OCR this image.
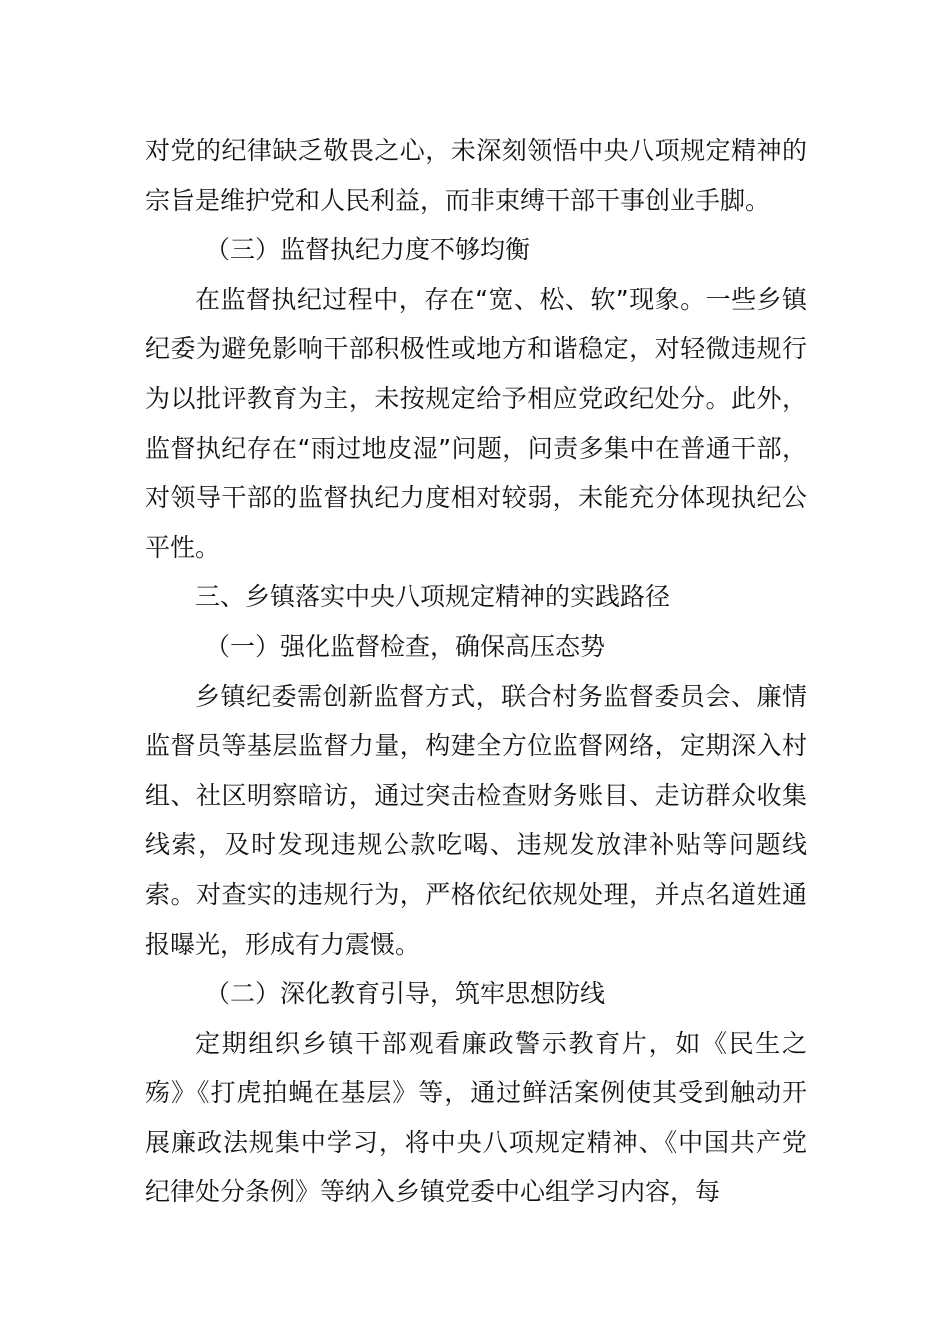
对党的纪律缺乏敬畏之心，未深刻领悟中央八项规定精神的宗旨是维护党和人民利益，而非束缚干部干事创业手脚。

（三）监督执纪力度不够均衡

在监督执纪过程中，存在“宽、松、软”现象。一些乡镇纪委为避免影响干部积极性或地方和谐稳定，对轻微违规行为以批评教育为主，未按规定给予相应党政纪处分。此外，监督执纪存在“雨过地皮湿”问题，问责多集中在普通干部，对领导干部的监督执纪力度相对较弱，未能充分体现执纪公平性。

三、乡镇落实中央八项规定精神的实践路径

（一）强化监督检查，确保高压态势

乡镇纪委需创新监督方式，联合村务监督委员会、廉情监督员等基层监督力量，构建全方位监督网络，定期深入村组、社区明察暗访，通过突击检查财务账目、走访群众收集线索，及时发现违规公款吃喝、违规发放津补贴等问题线索。对查实的违规行为，严格依纪依规处理，并点名道姓通报曝光，形成有力震慑。

（二）深化教育引导，筑牢思想防线

定期组织乡镇干部观看廉政警示教育片，如《民生之殇》《打虎拍蝇在基层》等，通过鲜活案例使其受到触动开展廉政法规集中学习，将中央八项规定精神、《中国共产党纪律处分条例》等纳入乡镇党委中心组学习内容，每
